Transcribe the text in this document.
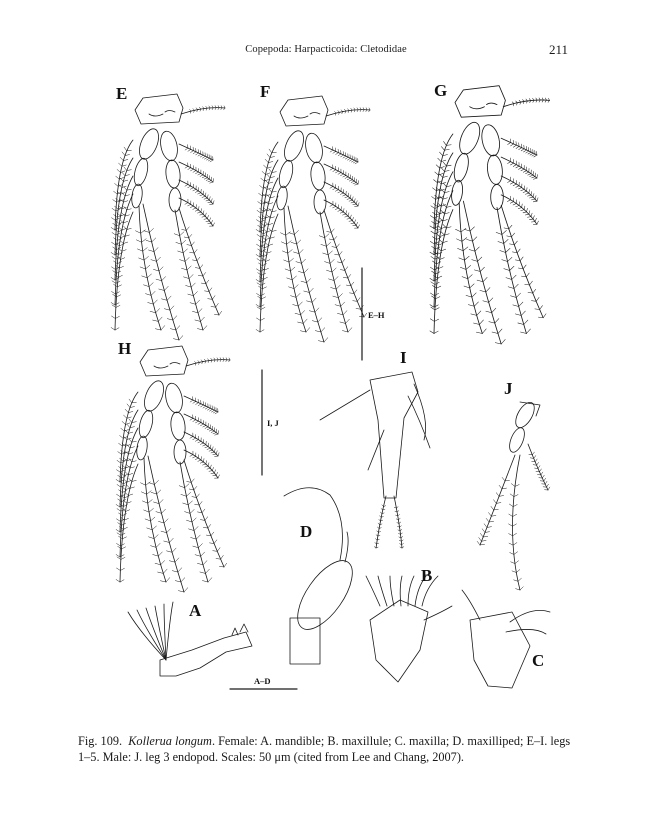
Copepoda: Harpacticoida: Cletodidae	211
E	F	G
H	I
J
D
B
A
C
E–H
I, J
A–D
Fig. 109. Kollerua longum. Female: A. mandible; B. maxillule; C. maxilla; D. maxilliped; E–I. legs 1–5. Male: J. leg 3 endopod. Scales: 50 μm (cited from Lee and Chang, 2007).
